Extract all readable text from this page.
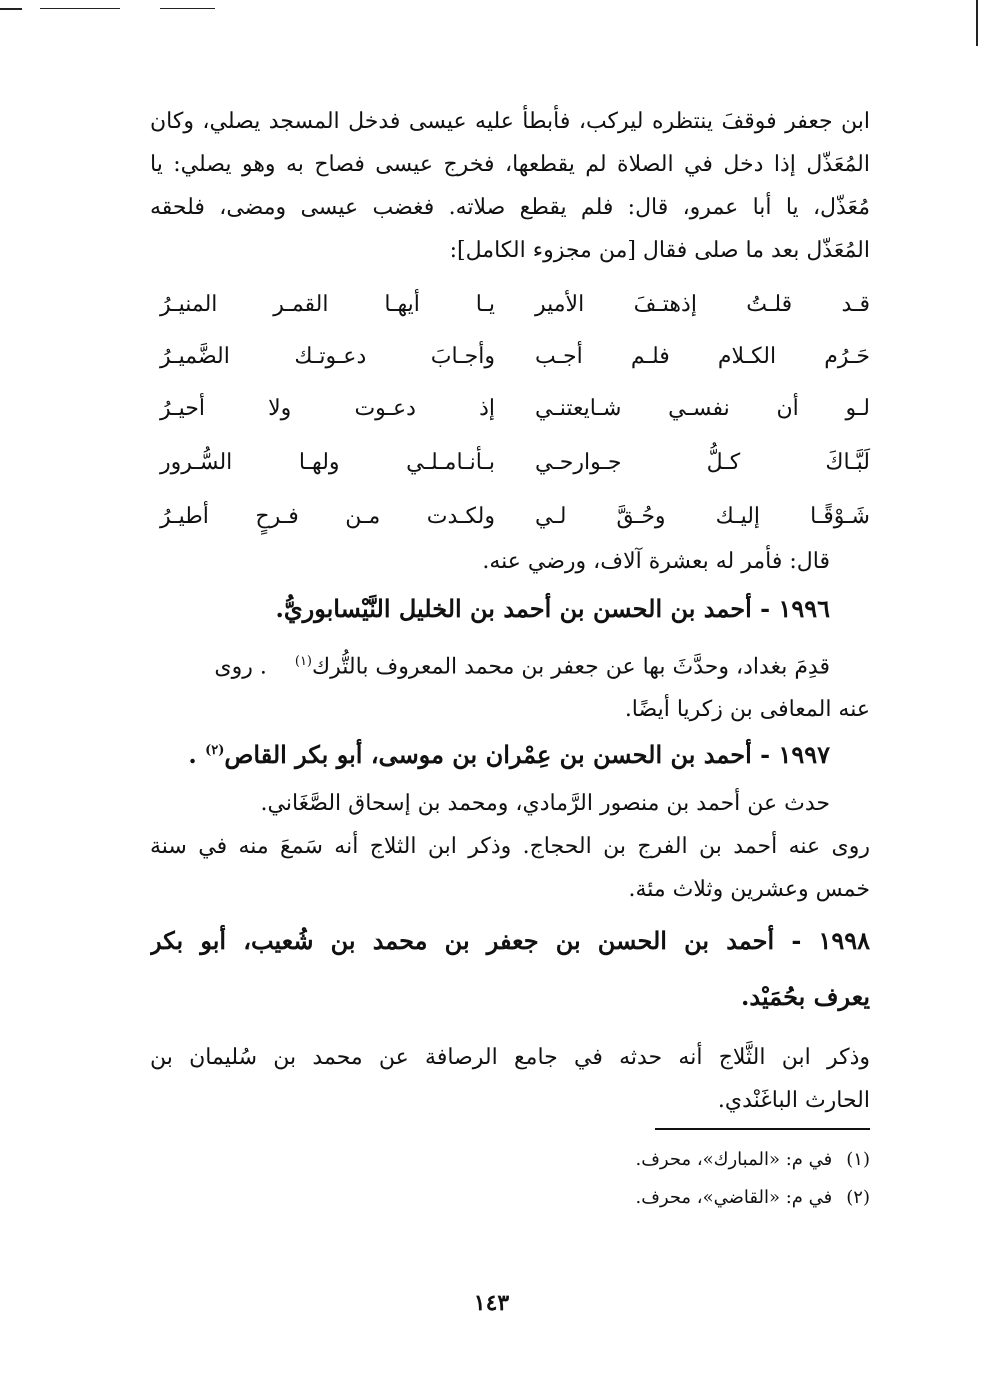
ابن جعفر فوقفَ ينتظره ليركب، فأبطأ عليه عيسى فدخل المسجد يصلي، وكان
المُعَذّل إذا دخل في الصلاة لم يقطعها، فخرج عيسى فصاح به وهو يصلي: يا
مُعَذّل، يا أبا عمرو، قال: فلم يقطع صلاته. فغضب عيسى ومضى، فلحقه
المُعَذّل بعد ما صلى فقال [من مجزوء الكامل]:
قـد قلـتُ إذهتـفَ الأمير
يـا أيهـا القمـر المنيـرُ
حَـرُم الكـلام فلـم أجـب
وأجـابَ دعـوتـك الضَّميـرُ
لـو أن نفسـي شـايعتنـي
إذ دعـوت ولا أحيـرُ
لَبَّـاكَ كـلُّ جـوارحـي
بـأنـامـلـي ولهـا السُّـرور
شَـوْقًـا إليـك وحُـقَّ لـي
ولكـدت مـن فـرحٍ أطيـرُ
قال: فأمر له بعشرة آلاف، ورضي عنه.
١٩٩٦ - أحمد بن الحسن بن أحمد بن الخليل النَّيْسابوريُّ.
قدِمَ بغداد، وحدَّثَ بها عن جعفر بن محمد المعروف بالتُّرك$^{(١)}$    . روى
عنه المعافى بن زكريا أيضًا.
١٩٩٧ - أحمد بن الحسن بن عِمْران بن موسى، أبو بكر القاص$^{(٢)}$ .
حدث عن أحمد بن منصور الرَّمادي، ومحمد بن إسحاق الصَّغَاني.
روى عنه أحمد بن الفرج بن الحجاج. وذكر ابن الثلاج أنه سَمعَ منه في سنة
خمس وعشرين وثلاث مئة.
١٩٩٨ - أحمد بن الحسن بن جعفر بن محمد بن شُعيب، أبو بكر
يعرف بحُمَيْد.
وذكر ابن الثَّلاج أنه حدثه في جامع الرصافة عن محمد بن سُليمان بن
الحارث الباغَنْدي.
(١)في م: «المبارك»، محرف.
(٢)في م: «القاضي»، محرف.
١٤٣
